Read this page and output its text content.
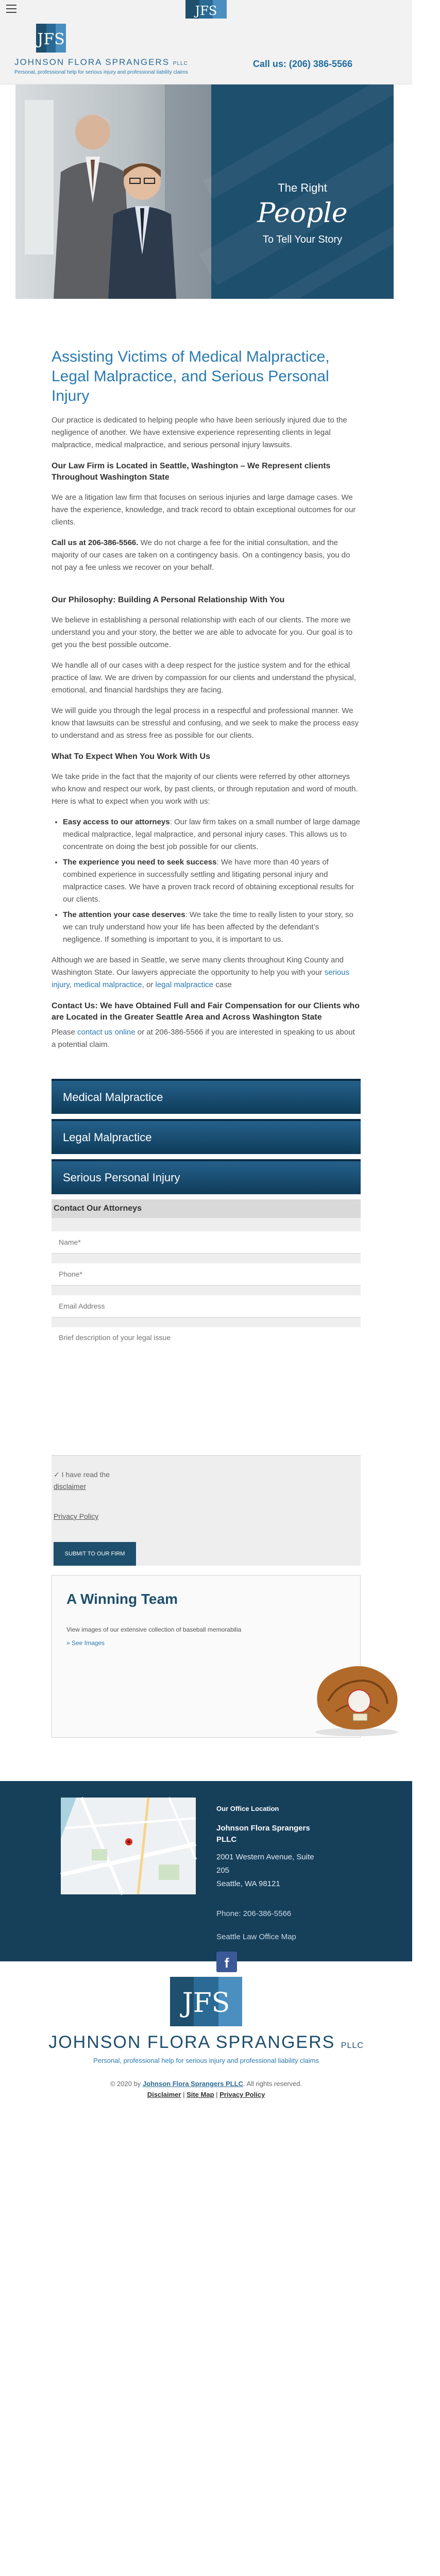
JFS
JFS
JOHNSON FLORA SPRANGERS PLLC
Personal, professional help for serious injury and professional liability claims
Call us: (206) 386-5566
The Right
People
To Tell Your Story
Assisting Victims of Medical Malpractice, Legal Malpractice, and Serious Personal Injury

Our practice is dedicated to helping people who have been seriously injured due to the negligence of another. We have extensive experience representing clients in legal malpractice, medical malpractice, and serious personal injury lawsuits.

Our Law Firm is Located in Seattle, Washington – We Represent clients Throughout Washington State

We are a litigation law firm that focuses on serious injuries and large damage cases. We have the experience, knowledge, and track record to obtain exceptional outcomes for our clients.

Call us at 206-386-5566. We do not charge a fee for the initial consultation, and the majority of our cases are taken on a contingency basis. On a contingency basis, you do not pay a fee unless we recover on your behalf.

Our Philosophy: Building A Personal Relationship With You

We believe in establishing a personal relationship with each of our clients. The more we understand you and your story, the better we are able to advocate for you. Our goal is to get you the best possible outcome.

We handle all of our cases with a deep respect for the justice system and for the ethical practice of law. We are driven by compassion for our clients and understand the physical, emotional, and financial hardships they are facing.

We will guide you through the legal process in a respectful and professional manner. We know that lawsuits can be stressful and confusing, and we seek to make the process easy to understand and as stress free as possible for our clients.

What To Expect When You Work With Us

We take pride in the fact that the majority of our clients were referred by other attorneys who know and respect our work, by past clients, or through reputation and word of mouth. Here is what to expect when you work with us:

• Easy access to our attorneys: Our law firm takes on a small number of large damage medical malpractice, legal malpractice, and personal injury cases. This allows us to concentrate on doing the best job possible for our clients.
• The experience you need to seek success: We have more than 40 years of combined experience in successfully settling and litigating personal injury and malpractice cases. We have a proven track record of obtaining exceptional results for our clients.
• The attention your case deserves: We take the time to really listen to your story, so we can truly understand how your life has been affected by the defendant’s negligence. If something is important to you, it is important to us.

Although we are based in Seattle, we serve many clients throughout King County and Washington State. Our lawyers appreciate the opportunity to help you with your serious injury, medical malpractice, or legal malpractice case

Contact Us: We have Obtained Full and Fair Compensation for our Clients who are Located in the Greater Seattle Area and Across Washington State

Please contact us online or at 206-386-5566 if you are interested in speaking to us about a potential claim.

Medical Malpractice
Legal Malpractice
Serious Personal Injury
Contact Our Attorneys
Name*
Phone*
Email Address
Brief description of your legal issue
✓ I have read the
disclaimer
Privacy Policy
SUBMIT TO OUR FIRM
A Winning Team
View images of our extensive collection of baseball memorabilia
» See Images
Our Office Location
Johnson Flora Sprangers
PLLC
2001 Western Avenue, Suite
205
Seattle, WA 98121
Phone: 206-386-5566
Seattle Law Office Map
f
JFS
JOHNSON FLORA SPRANGERS PLLC
Personal, professional help for serious injury and professional liability claims
© 2020 by Johnson Flora Sprangers PLLC. All rights reserved.
Disclaimer | Site Map | Privacy Policy
